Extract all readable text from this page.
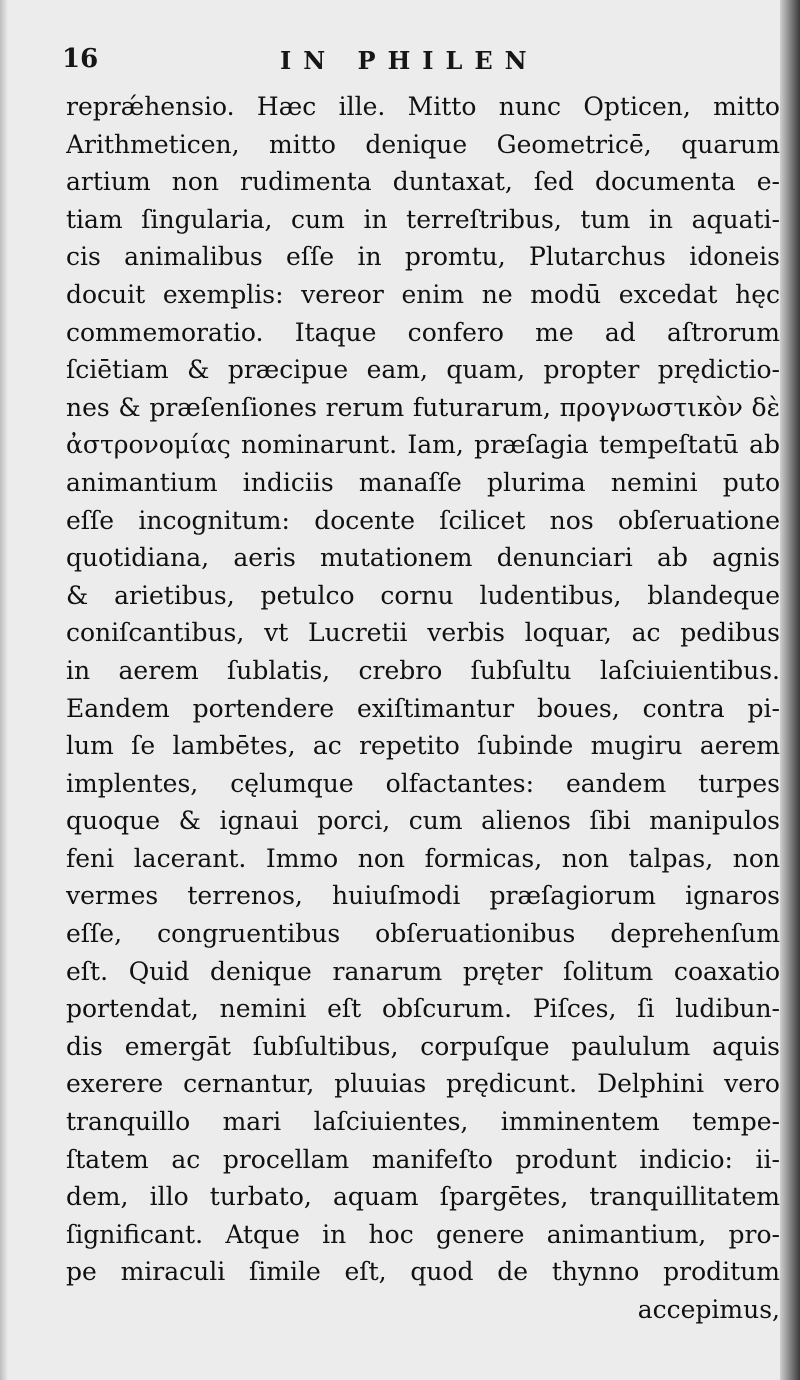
16	IN PHILEN
reprǽhensio. Hæc ille. Mitto nunc Opticen, mitto
Arithmeticen, mitto denique Geometricē, quarum
artium non rudimenta duntaxat, ſed documenta e-
tiam ſingularia, cum in terreſtribus, tum in aquati-
cis animalibus eſſe in promtu, Plutarchus idoneis
docuit exemplis: vereor enim ne modū excedat hęc
commemoratio. Itaque confero me ad aſtrorum
ſciētiam & præcipue eam, quam, propter prędictio-
nes & præſenſiones rerum futurarum, προγνωστικὸν δὲ
ἀστρονομίας nominarunt. Iam, præſagia tempeſtatū ab
animantium indiciis manaſſe plurima nemini puto
eſſe incognitum: docente ſcilicet nos obſeruatione
quotidiana, aeris mutationem denunciari ab agnis
& arietibus, petulco cornu ludentibus, blandeque
coniſcantibus, vt Lucretii verbis loquar, ac pedibus
in aerem ſublatis, crebro ſubſultu laſciuientibus.
Eandem portendere exiſtimantur boues, contra pi-
lum ſe lambētes, ac repetito ſubinde mugiru aerem
implentes, cęlumque olfactantes: eandem turpes
quoque & ignaui porci, cum alienos ſibi manipulos
feni lacerant. Immo non formicas, non talpas, non
vermes terrenos, huiuſmodi præſagiorum ignaros
eſſe, congruentibus obſeruationibus deprehenſum
eſt. Quid denique ranarum pręter ſolitum coaxatio
portendat, nemini eſt obſcurum. Piſces, ſi ludibun-
dis emergāt ſubſultibus, corpuſque paululum aquis
exerere cernantur, pluuias prędicunt. Delphini vero
tranquillo mari laſciuientes, imminentem tempe-
ſtatem ac procellam manifeſto produnt indicio: ii-
dem, illo turbato, aquam ſpargētes, tranquillitatem
ſignificant. Atque in hoc genere animantium, pro-
pe miraculi ſimile eſt, quod de thynno proditum
accepimus,
